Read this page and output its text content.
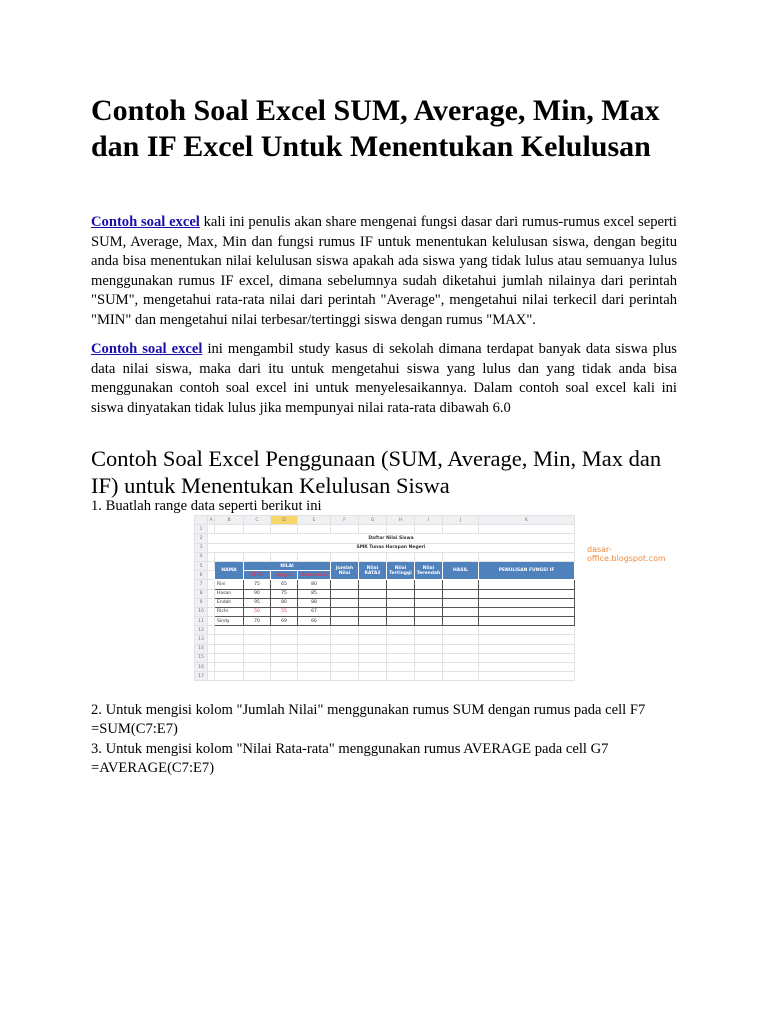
Contoh Soal Excel SUM, Average, Min, Max dan IF Excel Untuk Menentukan Kelulusan

Contoh soal excel kali ini penulis akan share mengenai fungsi dasar dari rumus-rumus excel seperti SUM, Average, Max, Min dan fungsi rumus IF untuk menentukan kelulusan siswa, dengan begitu anda bisa menentukan nilai kelulusan siswa apakah ada siswa yang tidak lulus atau semuanya lulus menggunakan rumus IF excel, dimana sebelumnya sudah diketahui jumlah nilainya dari perintah "SUM", mengetahui rata-rata nilai dari perintah "Average", mengetahui nilai terkecil dari perintah "MIN" dan mengetahui nilai terbesar/tertinggi siswa dengan rumus "MAX".

Contoh soal excel ini mengambil study kasus di sekolah dimana terdapat banyak data siswa plus data nilai siswa, maka dari itu untuk mengetahui siswa yang lulus dan yang tidak anda bisa menggunakan contoh soal excel ini untuk menyelesaikannya. Dalam contoh soal excel kali ini siswa dinyatakan tidak lulus jika mempunyai nilai rata-rata dibawah 6.0

Contoh Soal Excel Penggunaan (SUM, Average, Min, Max dan IF) untuk Menentukan Kelulusan Siswa

1. Buatlah range data seperti berikut ini

	A	B	C	D	E	F	G	H	I	J	K
1											
2	Daftar Nilai Siswa										
3	SMK Tunas Harapan Negeri										
4											
5		NAMA	NILAI			Jumlah Nilai	Nilai RATA2	Nilai Tertinggi	Nilai Terendah	HASIL	PENULISAN FUNGSI IF
6			MTK	Inggris	Akuntansi						
7		Rini	75	65	80						
8		Hasan	90	75	85						
9		Endah	95	80	88						
10		Richi	50	55	67						
11		Sindy	70	69	66						
12											
13											
14											
15											
16											
17											
dasar-office.blogspot.com

2. Untuk mengisi kolom "Jumlah Nilai" menggunakan rumus SUM dengan rumus pada cell F7

=SUM(C7:E7)

3. Untuk mengisi kolom "Nilai Rata-rata" menggunakan rumus AVERAGE pada cell G7

=AVERAGE(C7:E7)
